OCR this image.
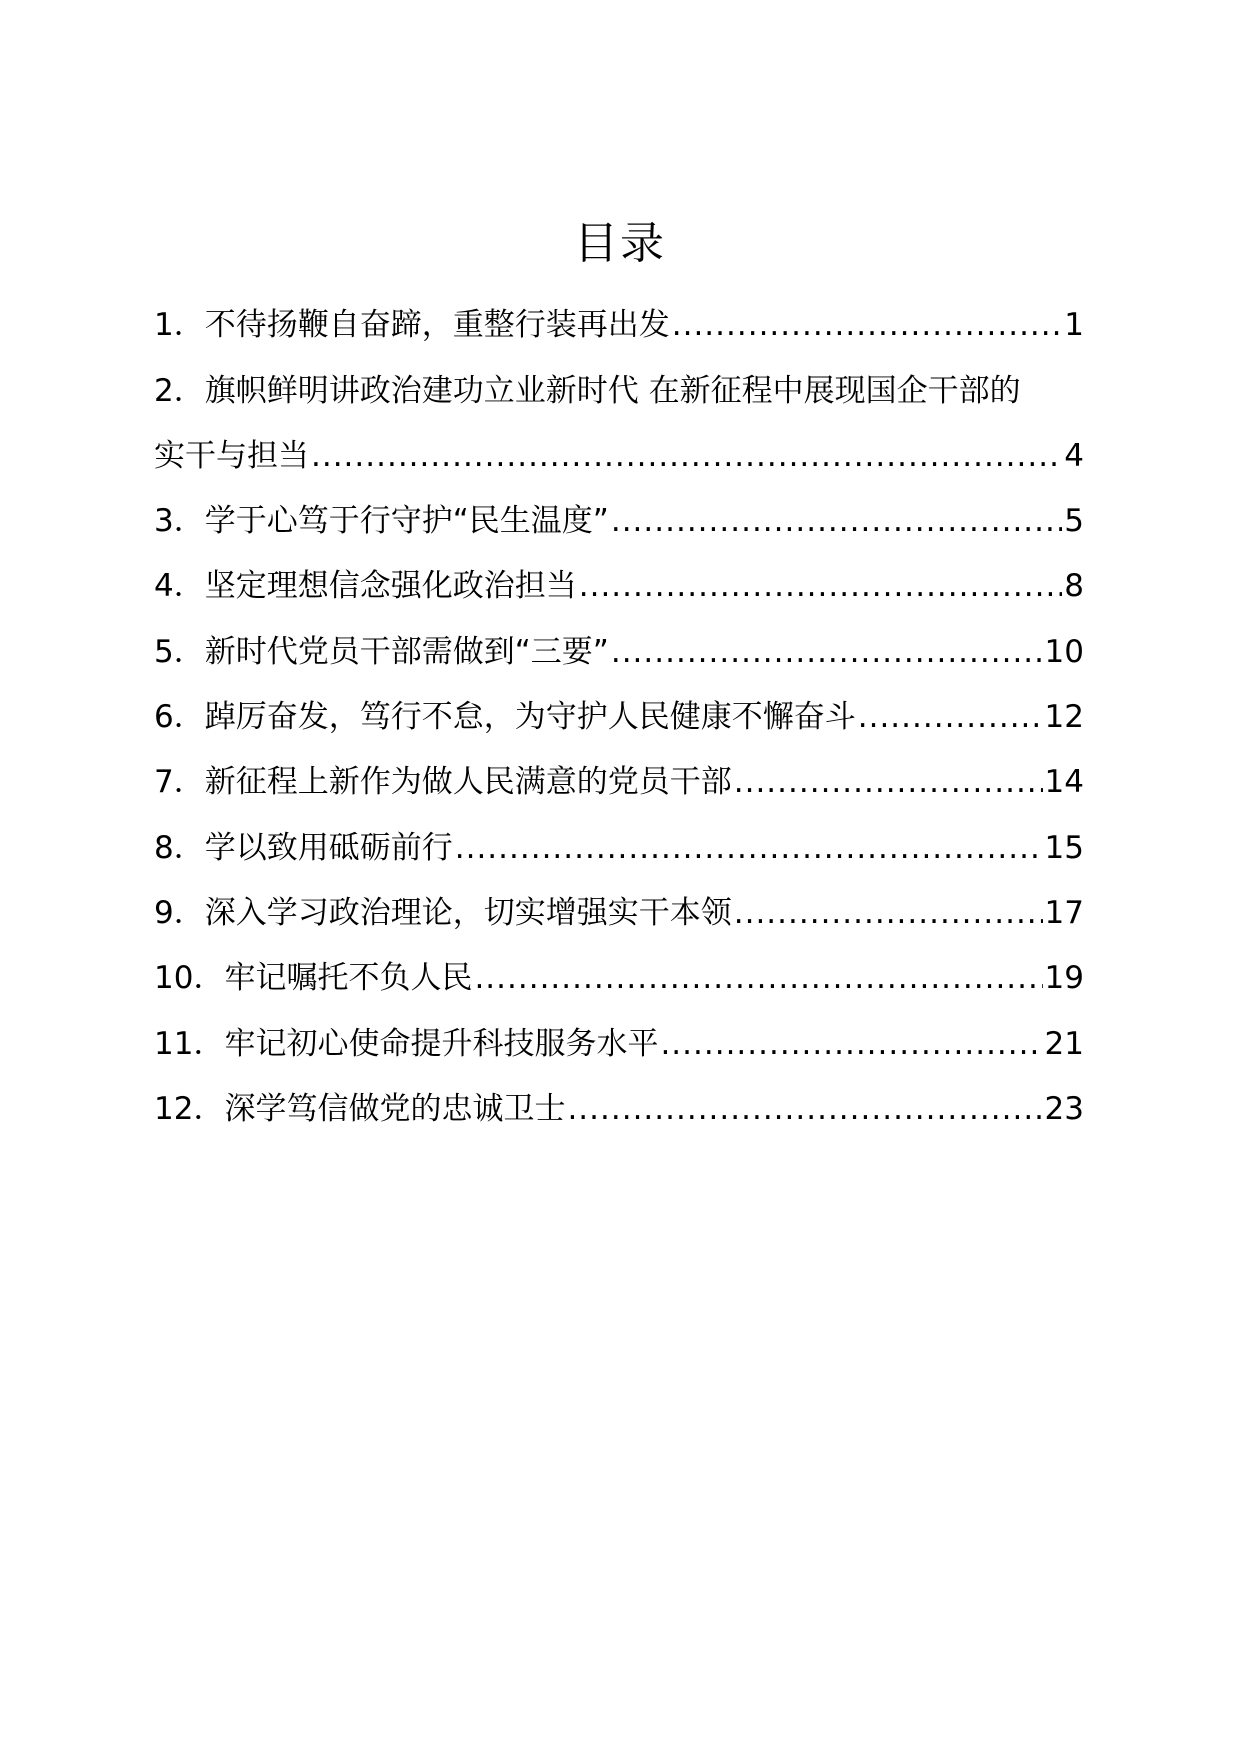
目录
1．不待扬鞭自奋蹄，重整行装再出发 .....	1
2．旗帜鲜明讲政治建功立业新时代 在新征程中展现国企干部的
实干与担当 .....	4
3．学于心笃于行守护“民生温度” .....	5
4．坚定理想信念强化政治担当 .....	8
5．新时代党员干部需做到“三要” .....	10
6．踔厉奋发，笃行不怠，为守护人民健康不懈奋斗 .....	12
7．新征程上新作为做人民满意的党员干部 .....	14
8．学以致用砥砺前行 .....	15
9．深入学习政治理论，切实增强实干本领 .....	17
10．牢记嘱托不负人民 .....	19
11．牢记初心使命提升科技服务水平 .....	21
12．深学笃信做党的忠诚卫士 .....	23
